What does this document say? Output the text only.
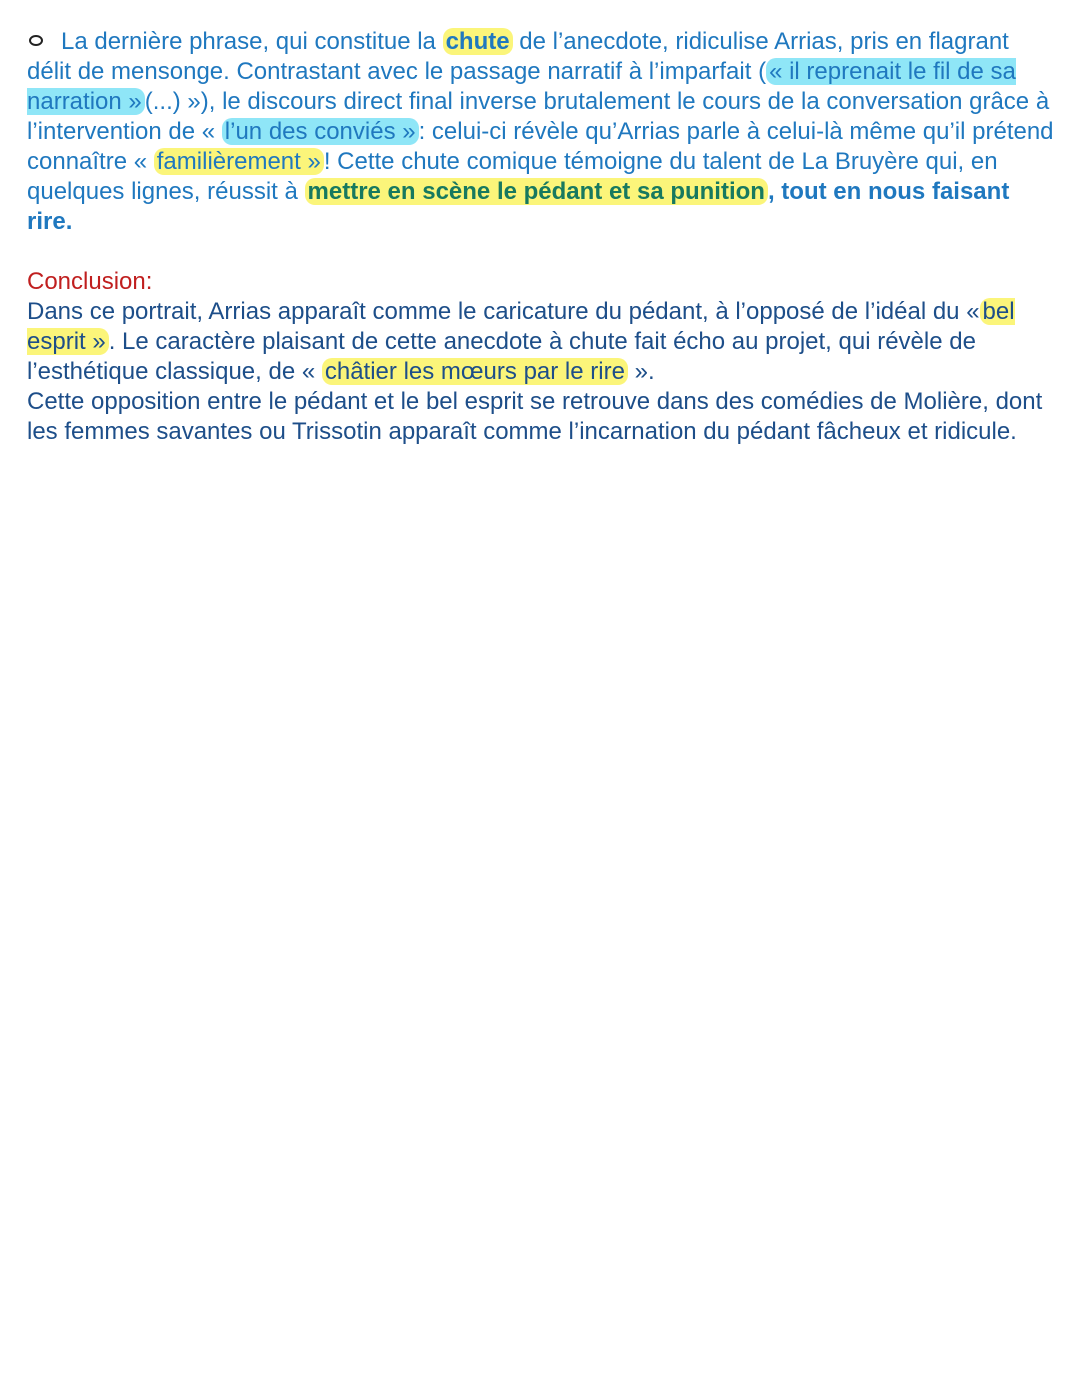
La dernière phrase, qui constitue la chute de l’anecdote, ridiculise Arrias, pris en flagrant délit de mensonge. Contrastant avec le passage narratif à l’imparfait ( « il reprenait le fil de sa narration » (...) »), le discours direct final inverse brutalement le cours de la conversation grâce à l’intervention de « l’un des conviés » : celui-ci révèle qu’Arrias parle à celui-là même qu’il prétend connaître « familièrement » ! Cette chute comique témoigne du talent de La Bruyère qui, en quelques lignes, réussit à mettre en scène le pédant et sa punition , tout en nous faisant rire.

Conclusion:

Dans ce portrait, Arrias apparaît comme le caricature du pédant, à l’opposé de l’idéal du « bel esprit » . Le caractère plaisant de cette anecdote à chute fait écho au projet, qui révèle de l’esthétique classique, de « châtier les mœurs par le rire ».

Cette opposition entre le pédant et le bel esprit se retrouve dans des comédies de Molière, dont les femmes savantes ou Trissotin apparaît comme l’incarnation du pédant fâcheux et ridicule.
